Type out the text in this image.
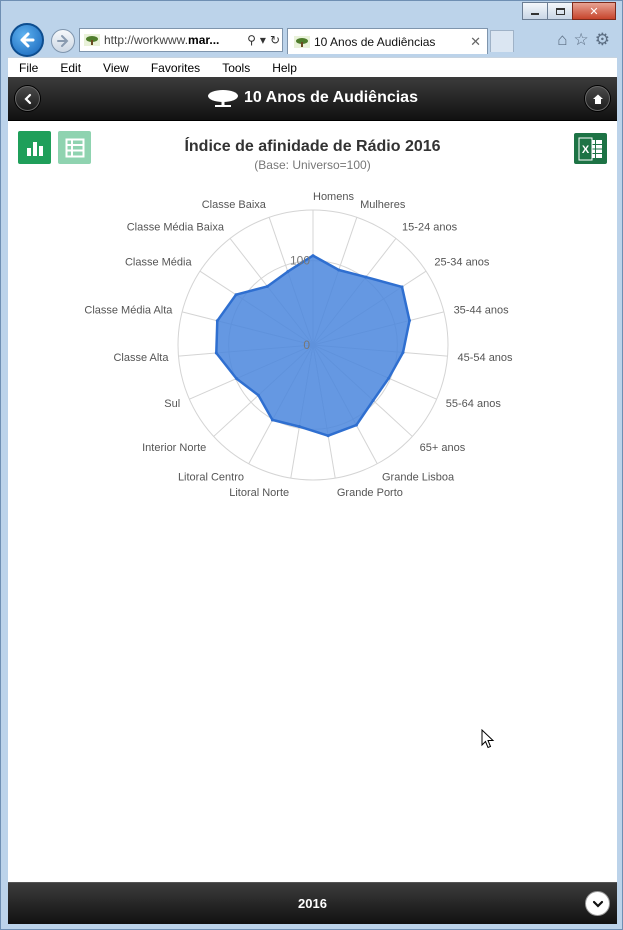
✕
http://workwww.mar...	⚲ ▾ ↻	10 Anos de Audiências	✕	⌂ ☆ ⚙
File	Edit	View	Favorites	Tools	Help
10 Anos de Audiências
X
Índice de afinidade de Rádio 2016
(Base: Universo=100)
0
100
Homens
Mulheres
15-24 anos
25-34 anos
35-44 anos
45-54 anos
55-64 anos
65+ anos
Grande Lisboa
Grande Porto
Litoral Norte
Litoral Centro
Interior Norte
Sul
Classe Alta
Classe Média Alta
Classe Média
Classe Média Baixa
Classe Baixa
2016
